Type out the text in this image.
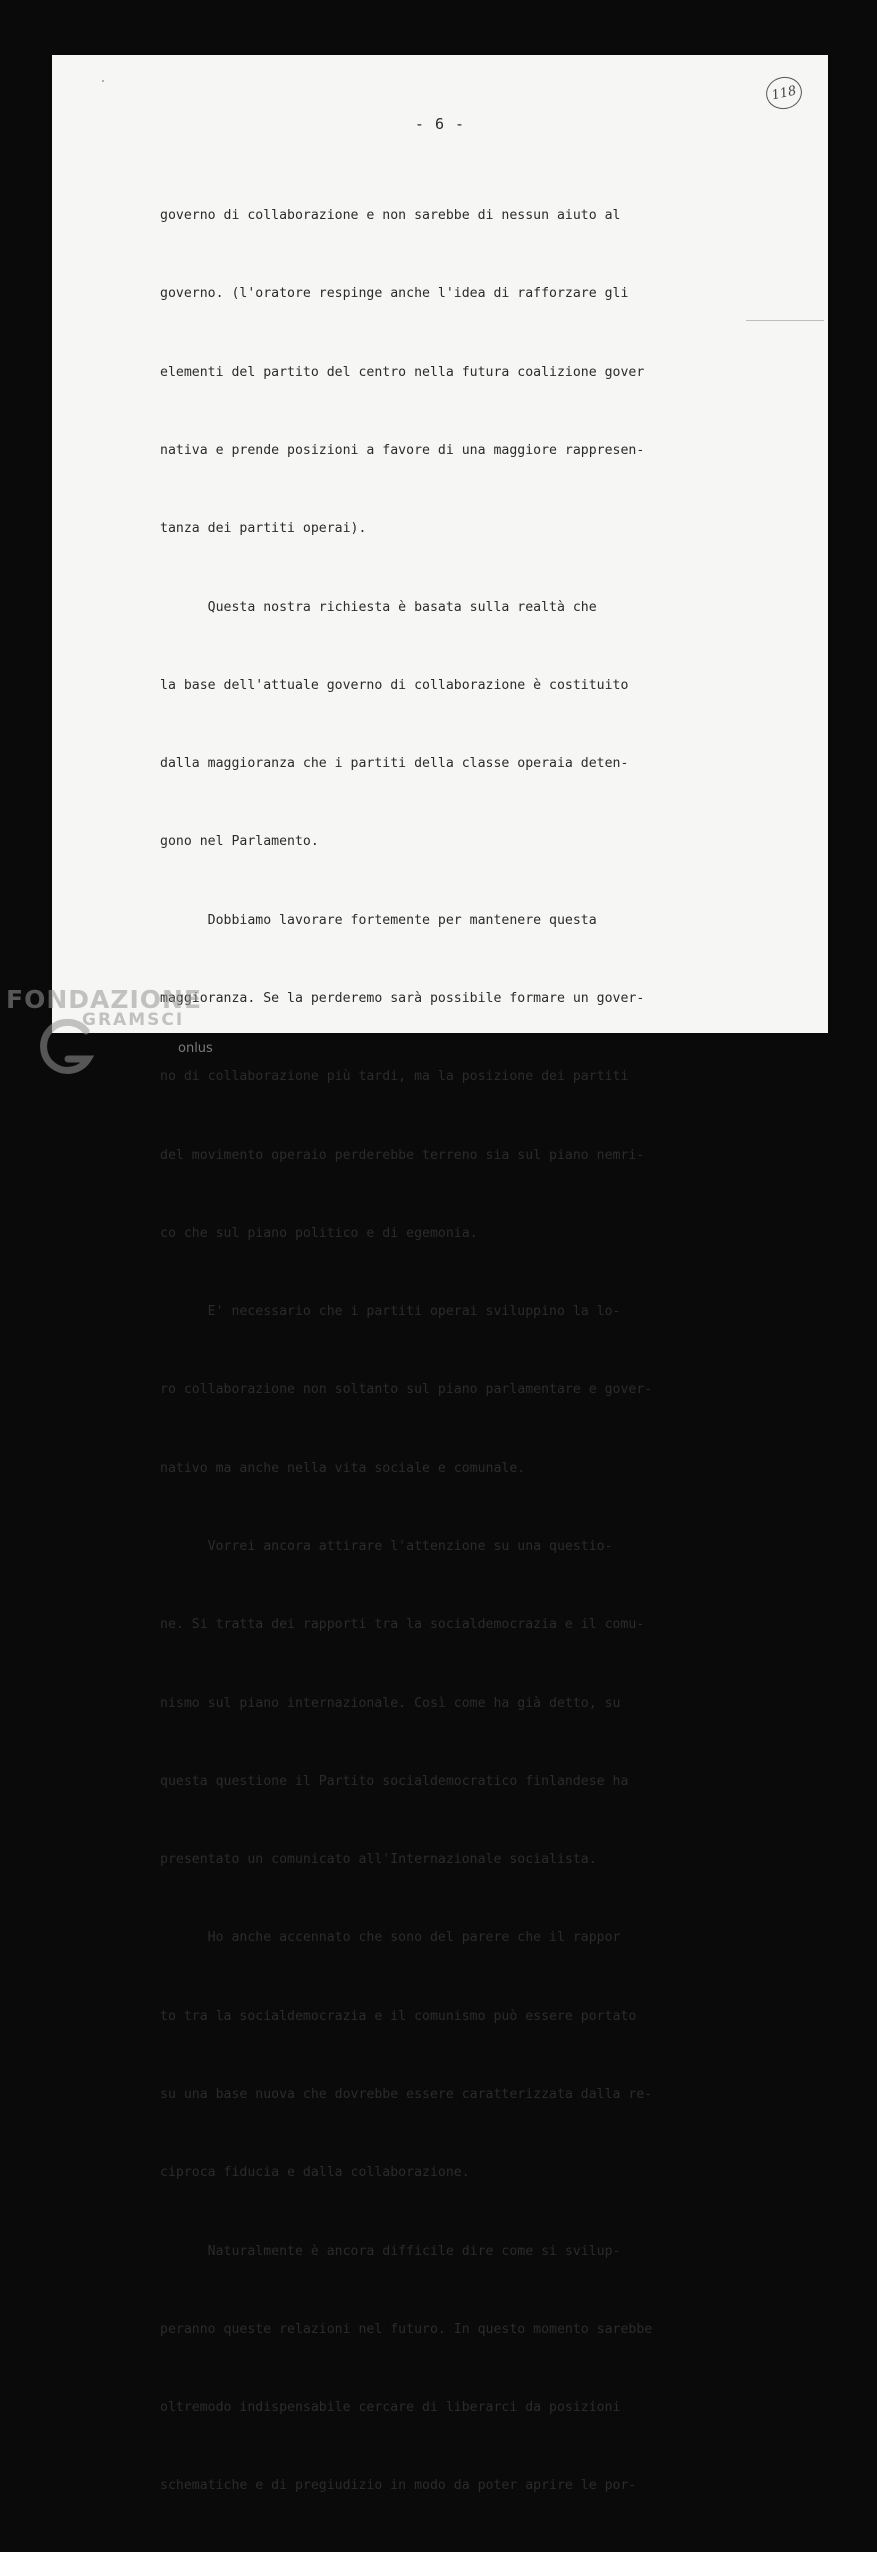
118
- 6 -

governo di collaborazione e non sarebbe di nessun aiuto al

governo. (l'oratore respinge anche l'idea di rafforzare gli

elementi del partito del centro nella futura coalizione gover

nativa e prende posizioni a favore di una maggiore rappresen-

tanza dei partiti operai).

Questa nostra richiesta è basata sulla realtà che

la base dell'attuale governo di collaborazione è costituito

dalla maggioranza che i partiti della classe operaia deten-

gono nel Parlamento.

Dobbiamo lavorare fortemente per mantenere questa

maggioranza. Se la perderemo sarà possibile formare un gover-

no di collaborazione più tardi, ma la posizione dei partiti

del movimento operaio perderebbe terreno sia sul piano nemri-

co che sul piano politico e di egemonia.

E' necessario che i partiti operai sviluppino la lo-

ro collaborazione non soltanto sul piano parlamentare e gover-

nativo ma anche nella vita sociale e comunale.

Vorrei ancora attirare l'attenzione su una questio-

ne. Si tratta dei rapporti tra la socialdemocrazia e il comu-

nismo sul piano internazionale. Così come ha già detto, su

questa questione il Partito socialdemocratico finlandese ha

presentato un comunicato all'Internazionale socialista.

Ho anche accennato che sono del parere che il rappor

to tra la socialdemocrazia e il comunismo può essere portato

su una base nuova che dovrebbe essere caratterizzata dalla re-

ciproca fiducia e dalla collaborazione.

Naturalmente è ancora difficile dire come si svilup-

peranno queste relazioni nel futuro. In questo momento sarebbe

oltremodo indispensabile cercare di liberarci da posizioni

schematiche e di pregiudizio in modo da poter aprire le por-

FONDAZIONE
GRAMSCI
onlus
